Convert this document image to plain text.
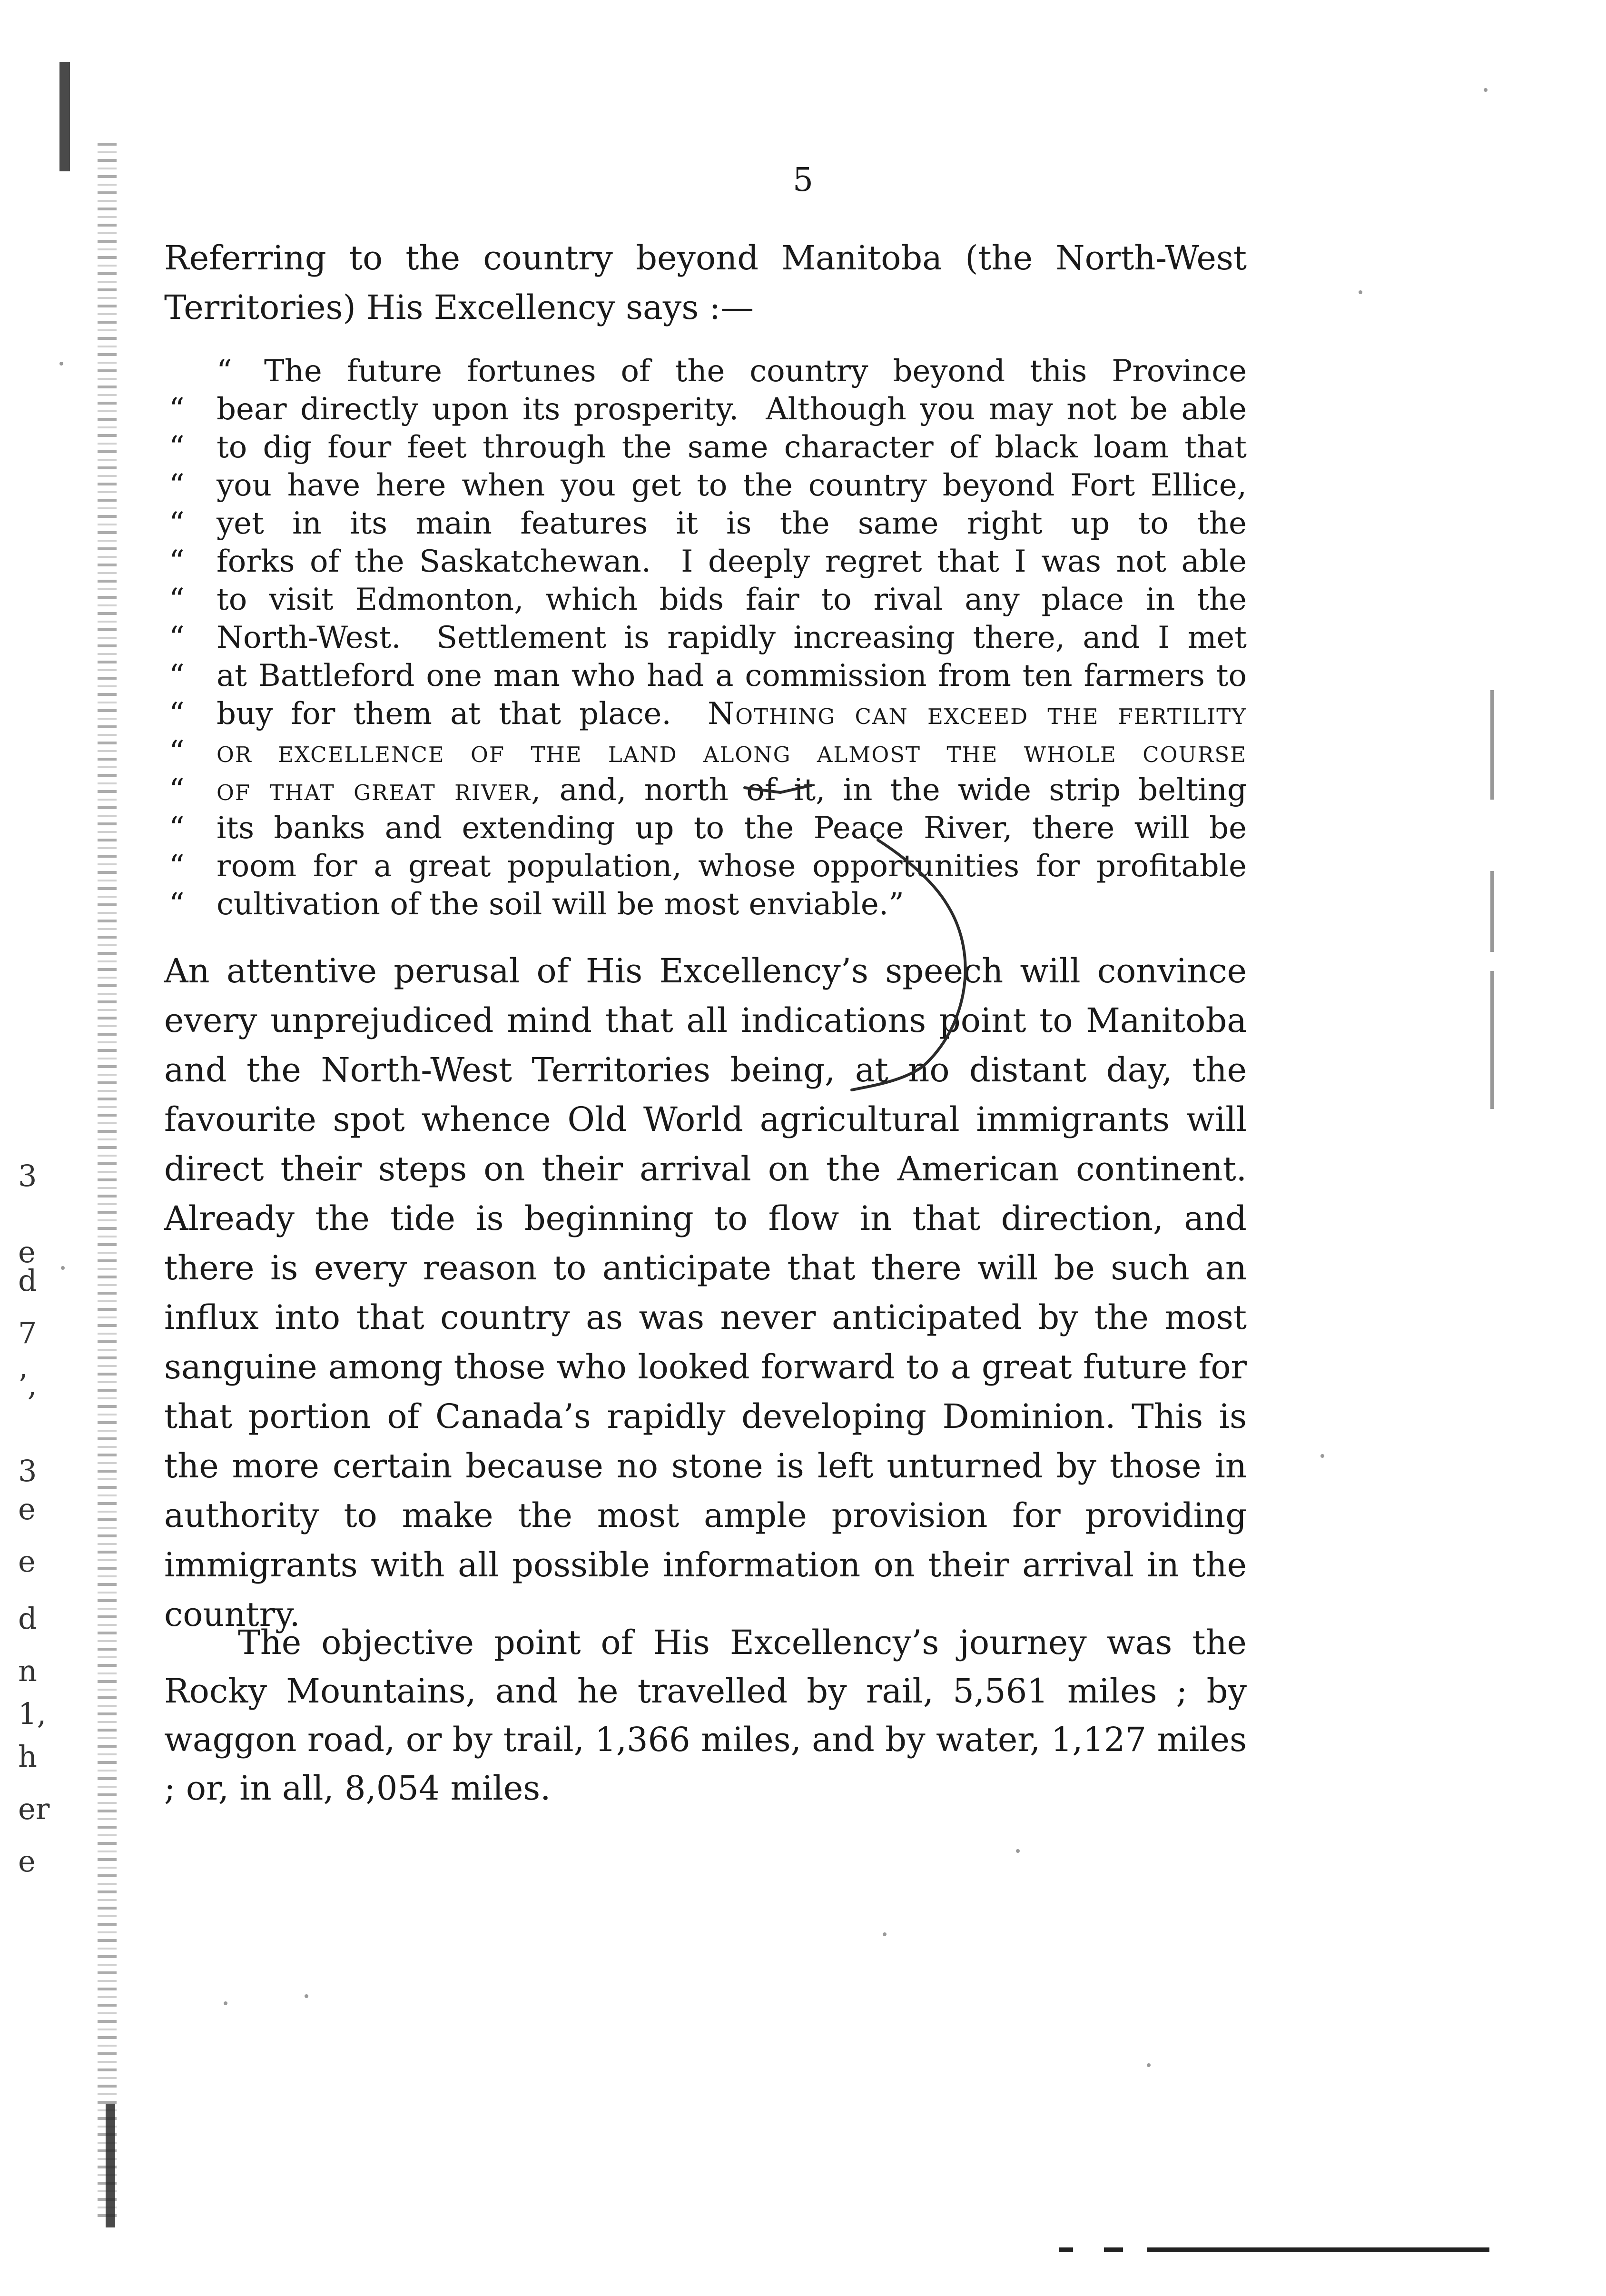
3
e
d
7
’,
3
e
e
d
n
1,
h
er
e
5

Referring to the country beyond Manitoba (the North-West Territories) His Excellency says :—

“ The future fortunes of the country beyond this Province
“ bear directly upon its prosperity.  Although you may not be able
“ to dig four feet through the same character of black loam that
“ you have here when you get to the country beyond Fort Ellice,
“ yet in its main features it is the same right up to the
“ forks of the Saskatchewan.  I deeply regret that I was not able
“ to visit Edmonton, which bids fair to rival any place in the
“ North-West.  Settlement is rapidly increasing there, and I met
“ at Battleford one man who had a commission from ten farmers to
“ buy for them at that place.  Nothing can exceed the fertility
“ or excellence of the land along almost the whole course
“ of that great river, and, north of it, in the wide strip belting
“ its banks and extending up to the Peace River, there will be
“ room for a great population, whose opportunities for profitable
“ cultivation of the soil will be most enviable.”

An attentive perusal of His Excellency’s speech will convince every unprejudiced mind that all indications point to Manitoba and the North-West Territories being, at no distant day, the favourite spot whence Old World agricultural immigrants will direct their steps on their arrival on the American continent. Already the tide is beginning to flow in that direction, and there is every reason to anticipate that there will be such an influx into that country as was never anticipated by the most sanguine among those who looked forward to a great future for that portion of Canada’s rapidly developing Dominion. This is the more certain because no stone is left unturned by those in authority to make the most ample provision for providing immigrants with all possible information on their arrival in the country.

The objective point of His Excellency’s journey was the Rocky Mountains, and he travelled by rail, 5,561 miles ; by waggon road, or by trail, 1,366 miles, and by water, 1,127 miles ; or, in all, 8,054 miles.
